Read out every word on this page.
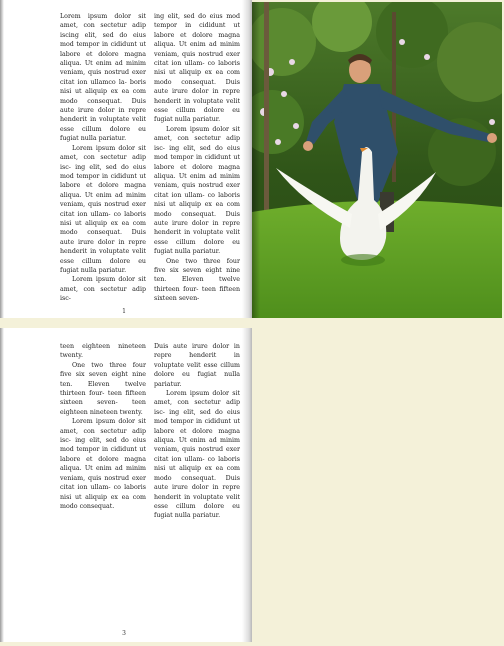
Lorem ipsum dolor sit amet, con sectetur adip iscing elit, sed do eius mod tempor in cididunt ut labore et dolore magna aliqua. Ut enim ad minim veniam, quis nostrud exer citat ion ullamco la- boris nisi ut aliquip ex ea com modo consequat. Duis aute irure dolor in repre henderit in voluptate velit esse cillum dolore eu fugiat nulla pariatur.

Lorem ipsum dolor sit amet, con sectetur adip isc- ing elit, sed do eius mod tempor in cididunt ut labore et dolore magna aliqua. Ut enim ad minim veniam, quis nostrud exer citat ion ullam- co laboris nisi ut aliquip ex ea com modo consequat. Duis aute irure dolor in repre henderit in voluptate velit esse cillum dolore eu fugiat nulla pariatur.

Lorem ipsum dolor sit amet, con sectetur adip isc-

ing elit, sed do eius mod tempor in cididunt ut labore et dolore magna aliqua. Ut enim ad minim veniam, quis nostrud exer citat ion ullam- co laboris nisi ut aliquip ex ea com modo consequat. Duis aute irure dolor in repre henderit in voluptate velit esse cillum dolore eu fugiat nulla pariatur.

Lorem ipsum dolor sit amet, con sectetur adip isc- ing elit, sed do eius mod tempor in cididunt ut labore et dolore magna aliqua. Ut enim ad minim veniam, quis nostrud exer citat ion ullam- co laboris nisi ut aliquip ex ea com modo consequat. Duis aute irure dolor in repre henderit in voluptate velit esse cillum dolore eu fugiat nulla pariatur.

One two three four five six seven eight nine ten. Eleven twelve thirteen four- teen fifteen sixteen seven-

1

teen eighteen nineteen twenty.

One two three four five six seven eight nine ten. Eleven twelve thirteen four- teen fifteen sixteen seven- teen eighteen nineteen twenty.

Lorem ipsum dolor sit amet, con sectetur adip isc- ing elit, sed do eius mod tempor in cididunt ut labore et dolore magna aliqua. Ut enim ad minim veniam, quis nostrud exer citat ion ullam- co laboris nisi ut aliquip ex ea com modo consequat.

Duis aute irure dolor in repre henderit in voluptate velit esse cillum dolore eu fugiat nulla pariatur.

Lorem ipsum dolor sit amet, con sectetur adip isc- ing elit, sed do eius mod tempor in cididunt ut labore et dolore magna aliqua. Ut enim ad minim veniam, quis nostrud exer citat ion ullam- co laboris nisi ut aliquip ex ea com modo consequat. Duis aute irure dolor in repre henderit in voluptate velit esse cillum dolore eu fugiat nulla pariatur.

3
